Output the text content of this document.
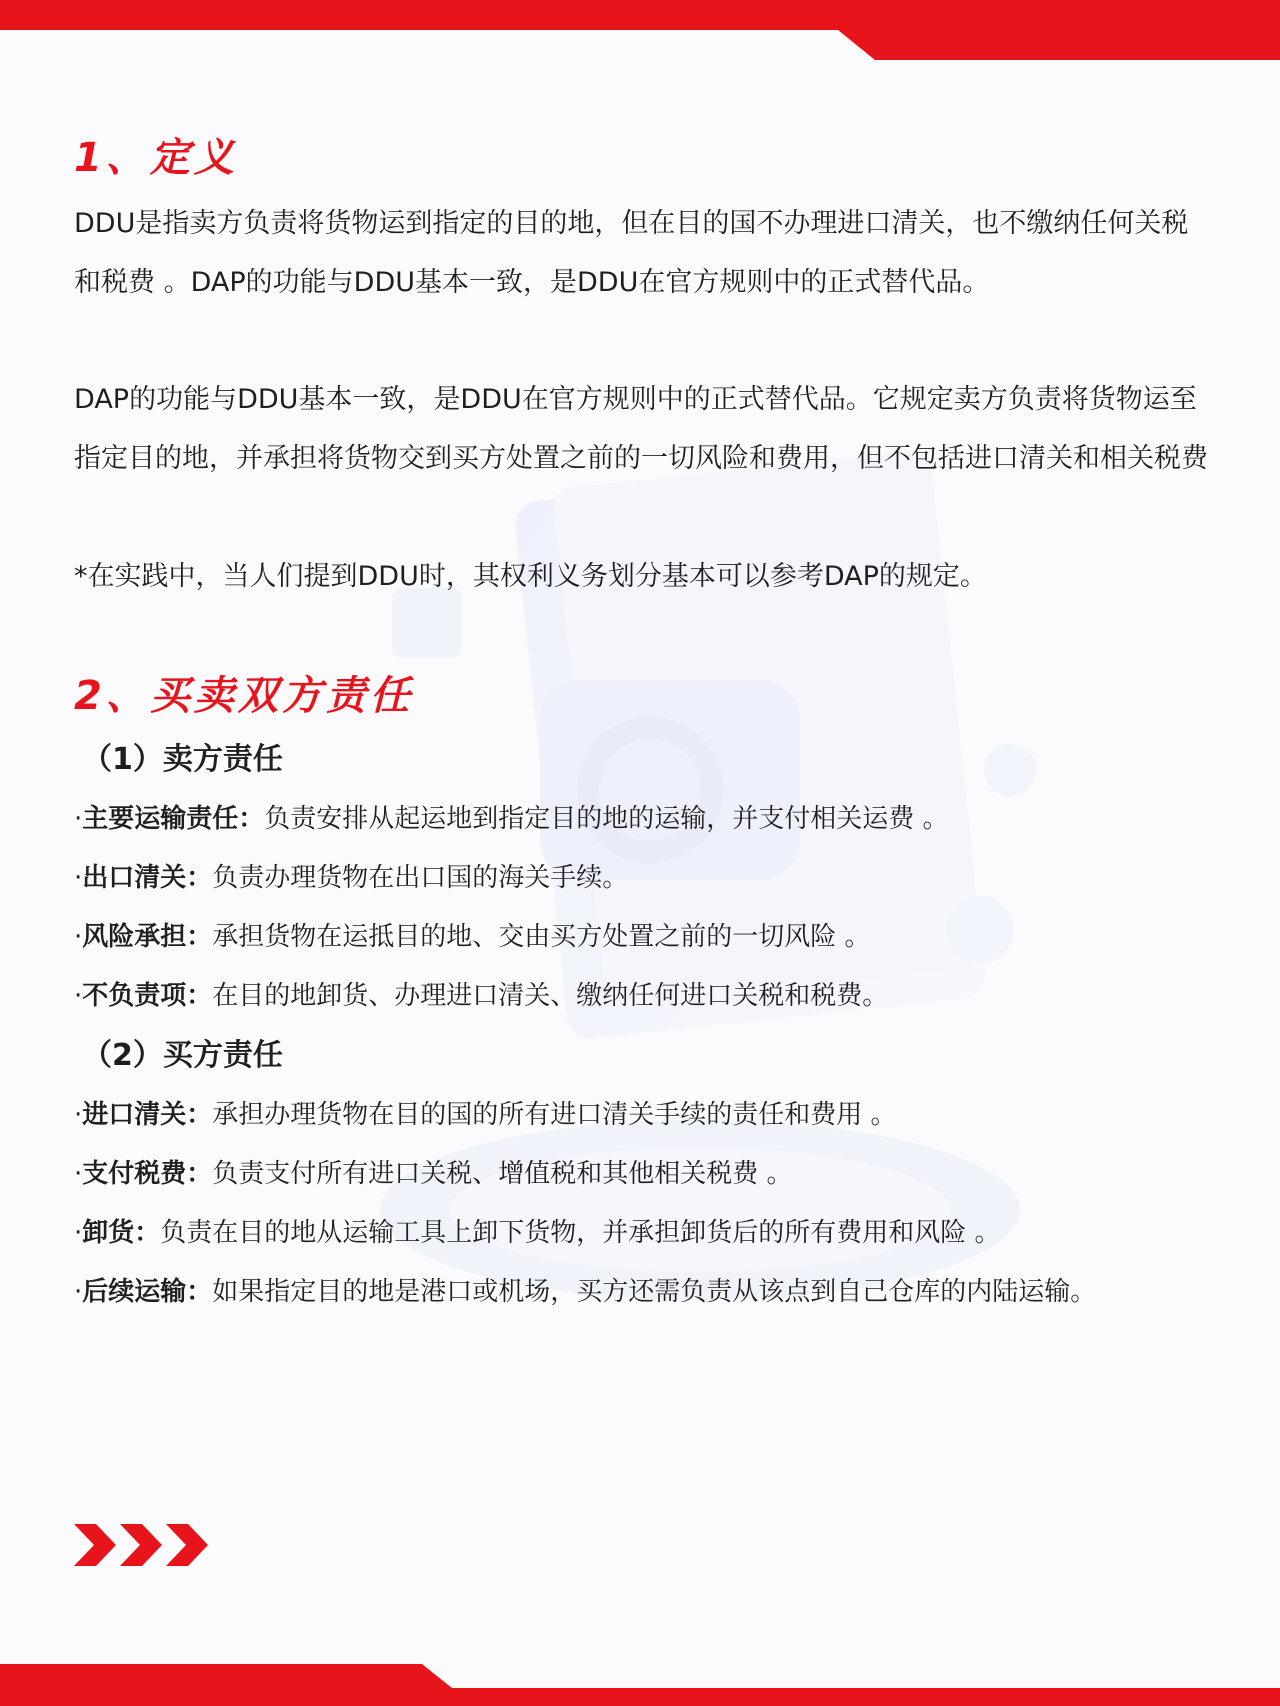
1、定义

DDU是指卖方负责将货物运到指定的目的地，但在目的国不办理进口清关，也不缴纳任何关税和税费 。DAP的功能与DDU基本一致，是DDU在官方规则中的正式替代品。

DAP的功能与DDU基本一致，是DDU在官方规则中的正式替代品。它规定卖方负责将货物运至指定目的地，并承担将货物交到买方处置之前的一切风险和费用，但不包括进口清关和相关税费

*在实践中，当人们提到DDU时，其权利义务划分基本可以参考DAP的规定。

2、买卖双方责任
（1）卖方责任

·主要运输责任：负责安排从起运地到指定目的地的运输，并支付相关运费 。

·出口清关：负责办理货物在出口国的海关手续。

·风险承担：承担货物在运抵目的地、交由买方处置之前的一切风险 。

·不负责项：在目的地卸货、办理进口清关、缴纳任何进口关税和税费。

（2）买方责任

·进口清关：承担办理货物在目的国的所有进口清关手续的责任和费用 。

·支付税费：负责支付所有进口关税、增值税和其他相关税费 。

·卸货：负责在目的地从运输工具上卸下货物，并承担卸货后的所有费用和风险 。

·后续运输：如果指定目的地是港口或机场，买方还需负责从该点到自己仓库的内陆运输。
